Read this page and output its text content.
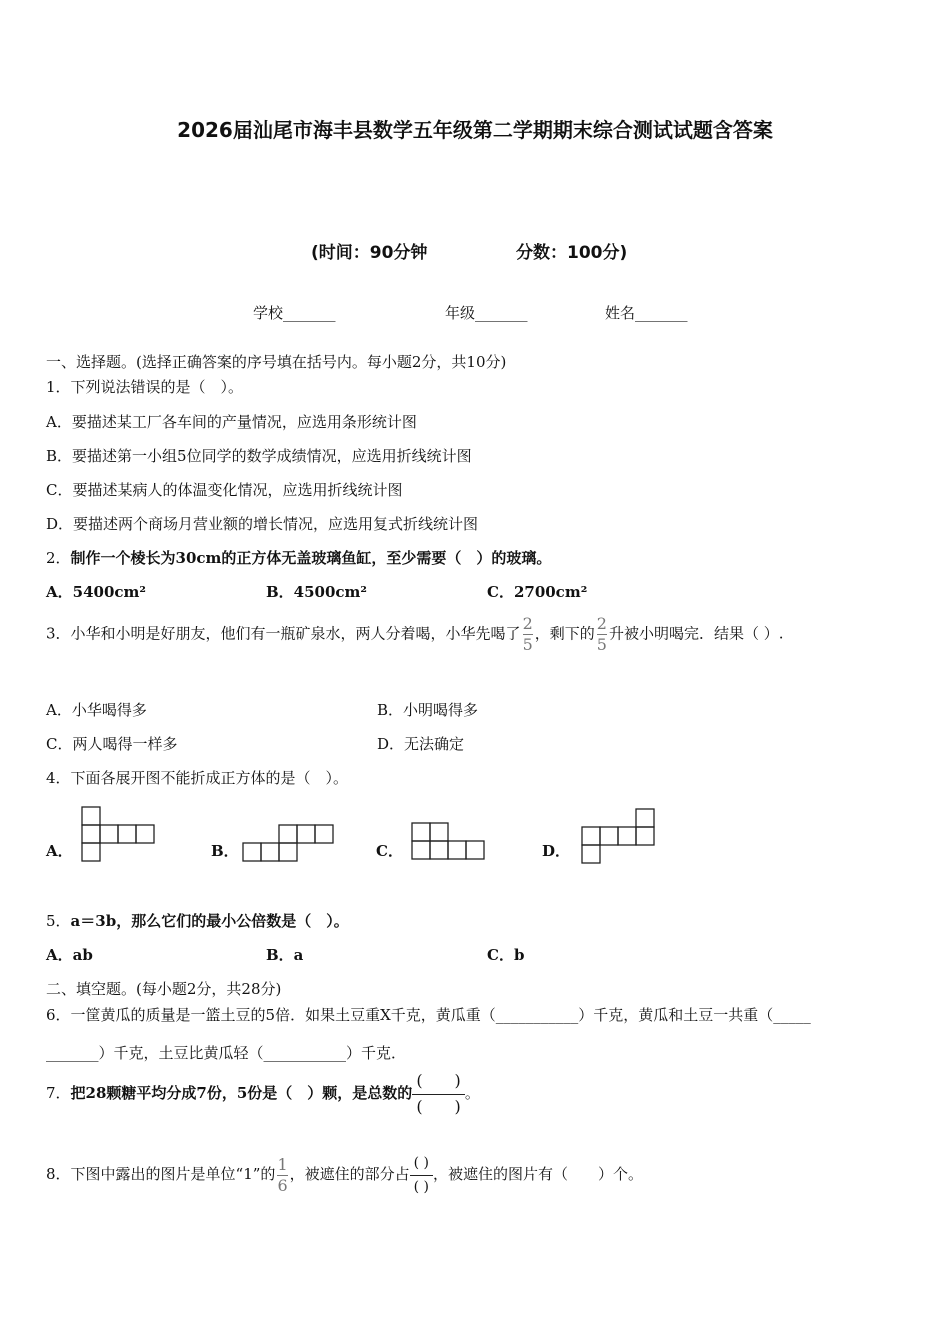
2026届汕尾市海丰县数学五年级第二学期期末综合测试试题含答案
(时间：90分钟	分数：100分)
学校_______	年级_______	姓名_______
一、选择题。(选择正确答案的序号填在括号内。每小题2分，共10分)
1．下列说法错误的是（　）。
A．要描述某工厂各车间的产量情况，应选用条形统计图
B．要描述第一小组5位同学的数学成绩情况，应选用折线统计图
C．要描述某病人的体温变化情况，应选用折线统计图
D．要描述两个商场月营业额的增长情况，应选用复式折线统计图
2．制作一个棱长为30cm的正方体无盖玻璃鱼缸，至少需要（　）的玻璃。
A．5400cm²	B．4500cm²	C．2700cm²
3．小华和小明是好朋友，他们有一瓶矿泉水，两人分着喝，小华先喝了 $\frac{2}{5}$ ，剩下的 $\frac{2}{5}$ 升被小明喝完．结果（ ）.
A．小华喝得多	B．小明喝得多
C．两人喝得一样多	D．无法确定
4．下面各展开图不能折成正方体的是（　）。
A．	B．	C．	D．
5．a＝3b，那么它们的最小公倍数是（　）。
A．ab	B．a	C．b
二、填空题。(每小题2分，共28分)
6．一筐黄瓜的质量是一篮土豆的5倍．如果土豆重X千克，黄瓜重（___________）千克，黄瓜和土豆一共重（_____
_______）千克，土豆比黄瓜轻（___________）千克．
7．把28颗糖平均分成7份，5份是（　）颗，是总数的
(　　)
(　　)
。
8．下图中露出的图片是单位“1”的 $\frac{1}{6}$ ，被遮住的部分占
( )
( )
，被遮住的图片有（　　）个。
